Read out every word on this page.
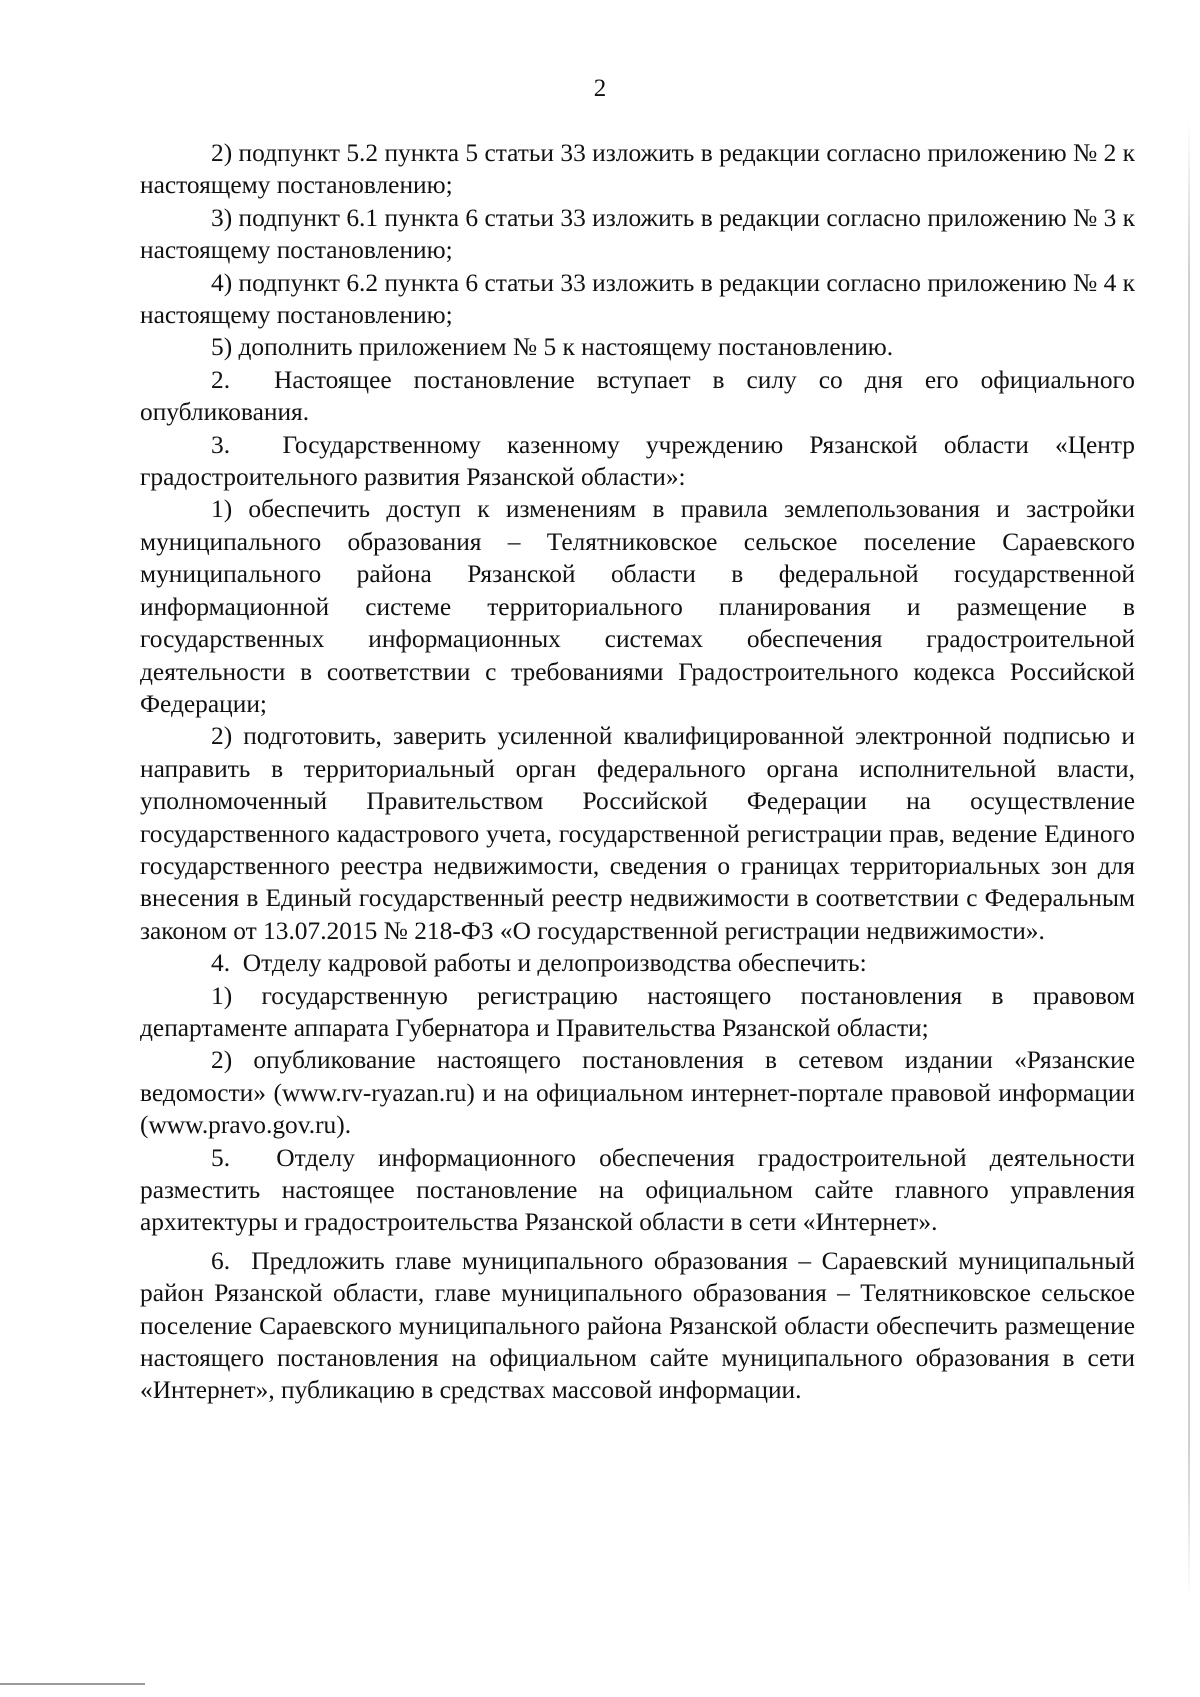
2

2) подпункт 5.2 пункта 5 статьи 33 изложить в редакции согласно приложению № 2 к настоящему постановлению;

3) подпункт 6.1 пункта 6 статьи 33 изложить в редакции согласно приложению № 3 к настоящему постановлению;

4) подпункт 6.2 пункта 6 статьи 33 изложить в редакции согласно приложению № 4 к настоящему постановлению;

5) дополнить приложением № 5 к настоящему постановлению.

2.  Настоящее постановление вступает в силу со дня его официального опубликования.

3.  Государственному казенному учреждению Рязанской области «Центр градостроительного развития Рязанской области»:

1) обеспечить доступ к изменениям в правила землепользования и застройки муниципального образования – Телятниковское сельское поселение Сараевского муниципального района Рязанской области в федеральной государственной информационной системе территориального планирования и размещение в государственных информационных системах обеспечения градостроительной деятельности в соответствии с требованиями Градостроительного кодекса Российской Федерации;

2) подготовить, заверить усиленной квалифицированной электронной подписью и направить в территориальный орган федерального органа исполнительной власти, уполномоченный Правительством Российской Федерации на осуществление государственного кадастрового учета, государственной регистрации прав, ведение Единого государственного реестра недвижимости, сведения о границах территориальных зон для внесения в Единый государственный реестр недвижимости в соответствии с Федеральным законом от 13.07.2015 № 218-ФЗ «О государственной регистрации недвижимости».

4.  Отделу кадровой работы и делопроизводства обеспечить:

1) государственную регистрацию настоящего постановления в правовом департаменте аппарата Губернатора и Правительства Рязанской области;

2) опубликование настоящего постановления в сетевом издании «Рязанские ведомости» (www.rv-ryazan.ru) и на официальном интернет-портале правовой информации (www.pravo.gov.ru).

5.  Отделу информационного обеспечения градостроительной деятельности разместить настоящее постановление на официальном сайте главного управления архитектуры и градостроительства Рязанской области в сети «Интернет».

6.  Предложить главе муниципального образования – Сараевский муниципальный район Рязанской области, главе муниципального образования – Телятниковское сельское поселение Сараевского муниципального района Рязанской области обеспечить размещение настоящего постановления на официальном сайте муниципального образования в сети «Интернет», публикацию в средствах массовой информации.
